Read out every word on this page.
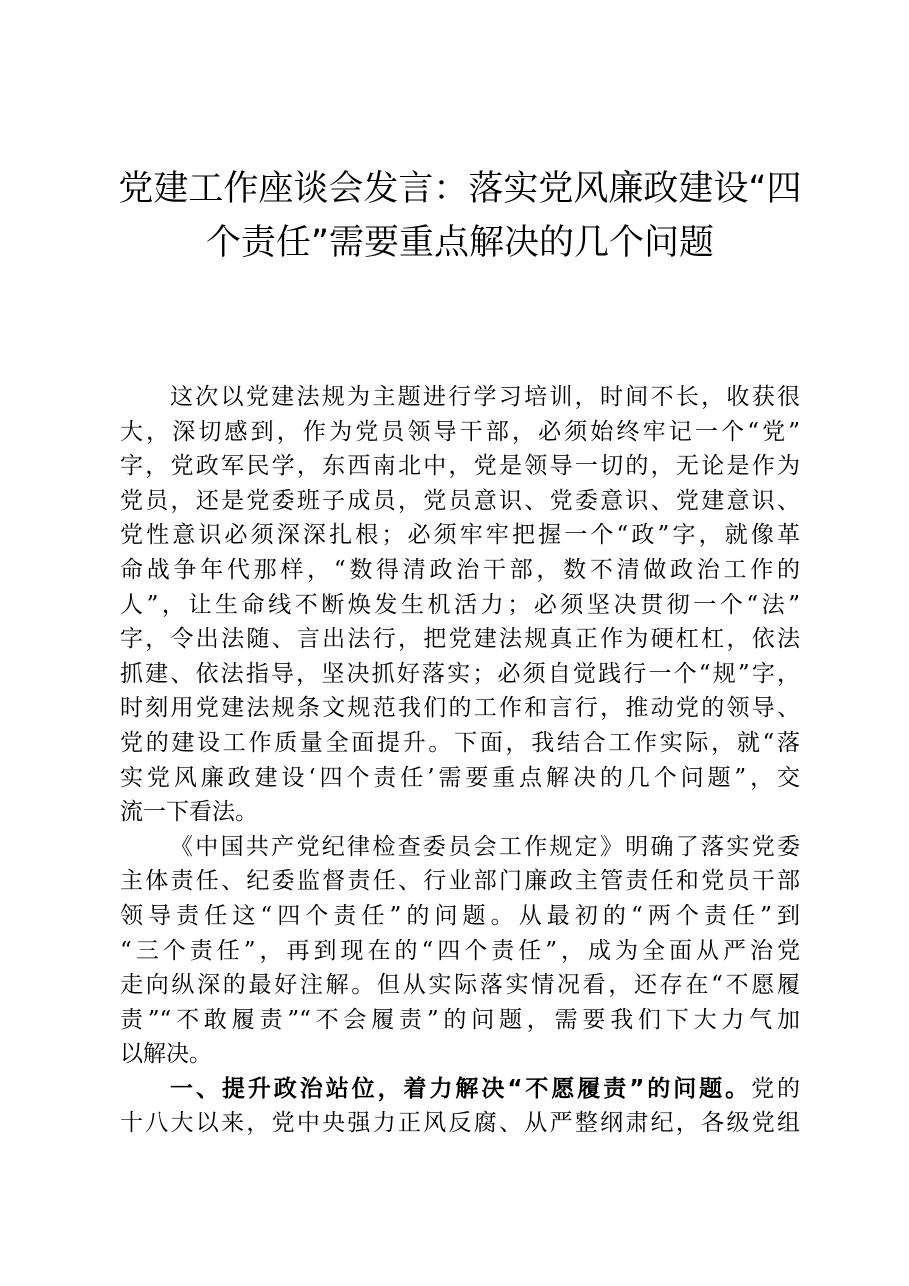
党建工作座谈会发言：落实党风廉政建设“四
个责任”需要重点解决的几个问题
这次以党建法规为主题进行学习培训，时间不长，收获很
大，深切感到，作为党员领导干部，必须始终牢记一个“党”
字，党政军民学，东西南北中，党是领导一切的，无论是作为
党员，还是党委班子成员，党员意识、党委意识、党建意识、
党性意识必须深深扎根；必须牢牢把握一个“政”字，就像革
命战争年代那样，“数得清政治干部，数不清做政治工作的
人”，让生命线不断焕发生机活力；必须坚决贯彻一个“法”
字，令出法随、言出法行，把党建法规真正作为硬杠杠，依法
抓建、依法指导，坚决抓好落实；必须自觉践行一个“规”字，
时刻用党建法规条文规范我们的工作和言行，推动党的领导、
党的建设工作质量全面提升。下面，我结合工作实际，就“落
实党风廉政建设‘四个责任’需要重点解决的几个问题”，交
流一下看法。
《中国共产党纪律检查委员会工作规定》明确了落实党委
主体责任、纪委监督责任、行业部门廉政主管责任和党员干部
领导责任这“四个责任”的问题。从最初的“两个责任”到
“三个责任”，再到现在的“四个责任”，成为全面从严治党
走向纵深的最好注解。但从实际落实情况看，还存在“不愿履
责”“不敢履责”“不会履责”的问题，需要我们下大力气加
以解决。
一、提升政治站位，着力解决“不愿履责”的问题。党的
十八大以来，党中央强力正风反腐、从严整纲肃纪，各级党组
